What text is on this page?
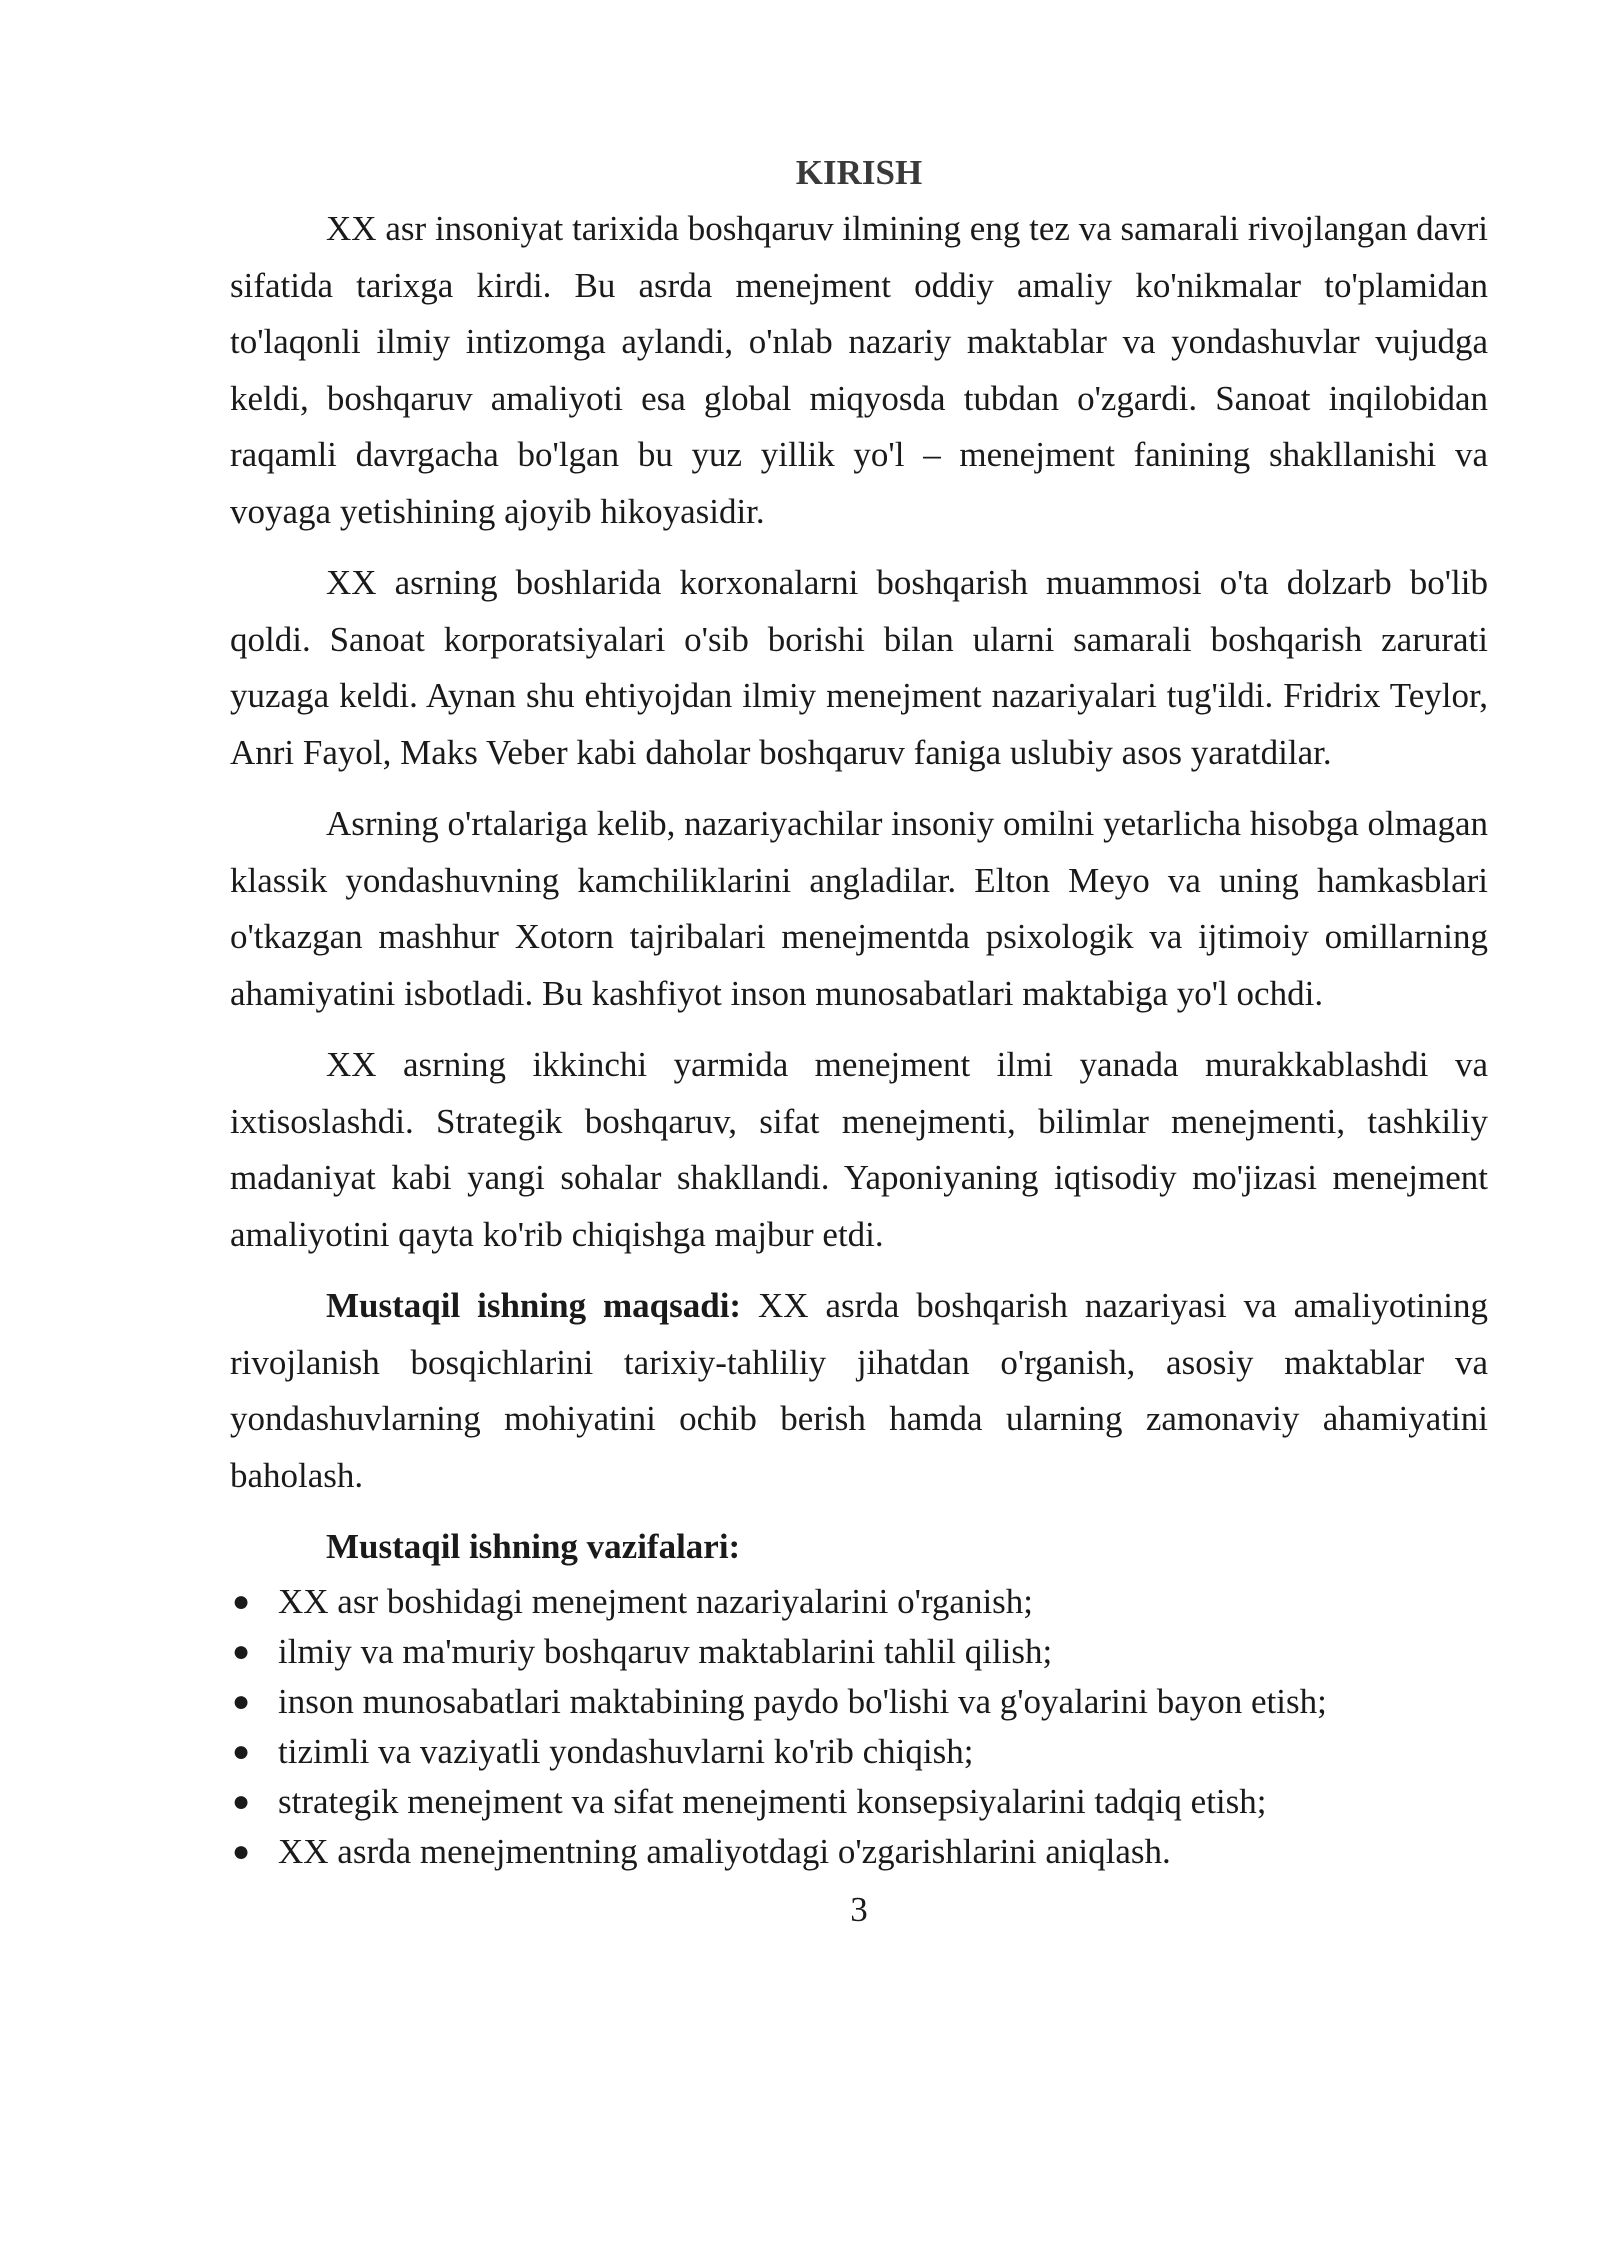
KIRISH

XX asr insoniyat tarixida boshqaruv ilmining eng tez va samarali rivojlangan davri sifatida tarixga kirdi. Bu asrda menejment oddiy amaliy ko'nikmalar to'plamidan to'laqonli ilmiy intizomga aylandi, o'nlab nazariy maktablar va yondashuvlar vujudga keldi, boshqaruv amaliyoti esa global miqyosda tubdan o'zgardi. Sanoat inqilobidan raqamli davrgacha bo'lgan bu yuz yillik yo'l – menejment fanining shakllanishi va voyaga yetishining ajoyib hikoyasidir.

XX asrning boshlarida korxonalarni boshqarish muammosi o'ta dolzarb bo'lib qoldi. Sanoat korporatsiyalari o'sib borishi bilan ularni samarali boshqarish zarurati yuzaga keldi. Aynan shu ehtiyojdan ilmiy menejment nazariyalari tug'ildi. Fridrix Teylor, Anri Fayol, Maks Veber kabi daholar boshqaruv faniga uslubiy asos yaratdilar.

Asrning o'rtalariga kelib, nazariyachilar insoniy omilni yetarlicha hisobga olmagan klassik yondashuvning kamchiliklarini angladilar. Elton Meyo va uning hamkasblari o'tkazgan mashhur Xotorn tajribalari menejmentda psixologik va ijtimoiy omillarning ahamiyatini isbotladi. Bu kashfiyot inson munosabatlari maktabiga yo'l ochdi.

XX asrning ikkinchi yarmida menejment ilmi yanada murakkablashdi va ixtisoslashdi. Strategik boshqaruv, sifat menejmenti, bilimlar menejmenti, tashkiliy madaniyat kabi yangi sohalar shakllandi. Yaponiyaning iqtisodiy mo'jizasi menejment amaliyotini qayta ko'rib chiqishga majbur etdi.

Mustaqil ishning maqsadi: XX asrda boshqarish nazariyasi va amaliyotining rivojlanish bosqichlarini tarixiy-tahliliy jihatdan o'rganish, asosiy maktablar va yondashuvlarning mohiyatini ochib berish hamda ularning zamonaviy ahamiyatini baholash.

Mustaqil ishning vazifalari:
● XX asr boshidagi menejment nazariyalarini o'rganish;
● ilmiy va ma'muriy boshqaruv maktablarini tahlil qilish;
● inson munosabatlari maktabining paydo bo'lishi va g'oyalarini bayon etish;
● tizimli va vaziyatli yondashuvlarni ko'rib chiqish;
● strategik menejment va sifat menejmenti konsepsiyalarini tadqiq etish;
● XX asrda menejmentning amaliyotdagi o'zgarishlarini aniqlash.
3
